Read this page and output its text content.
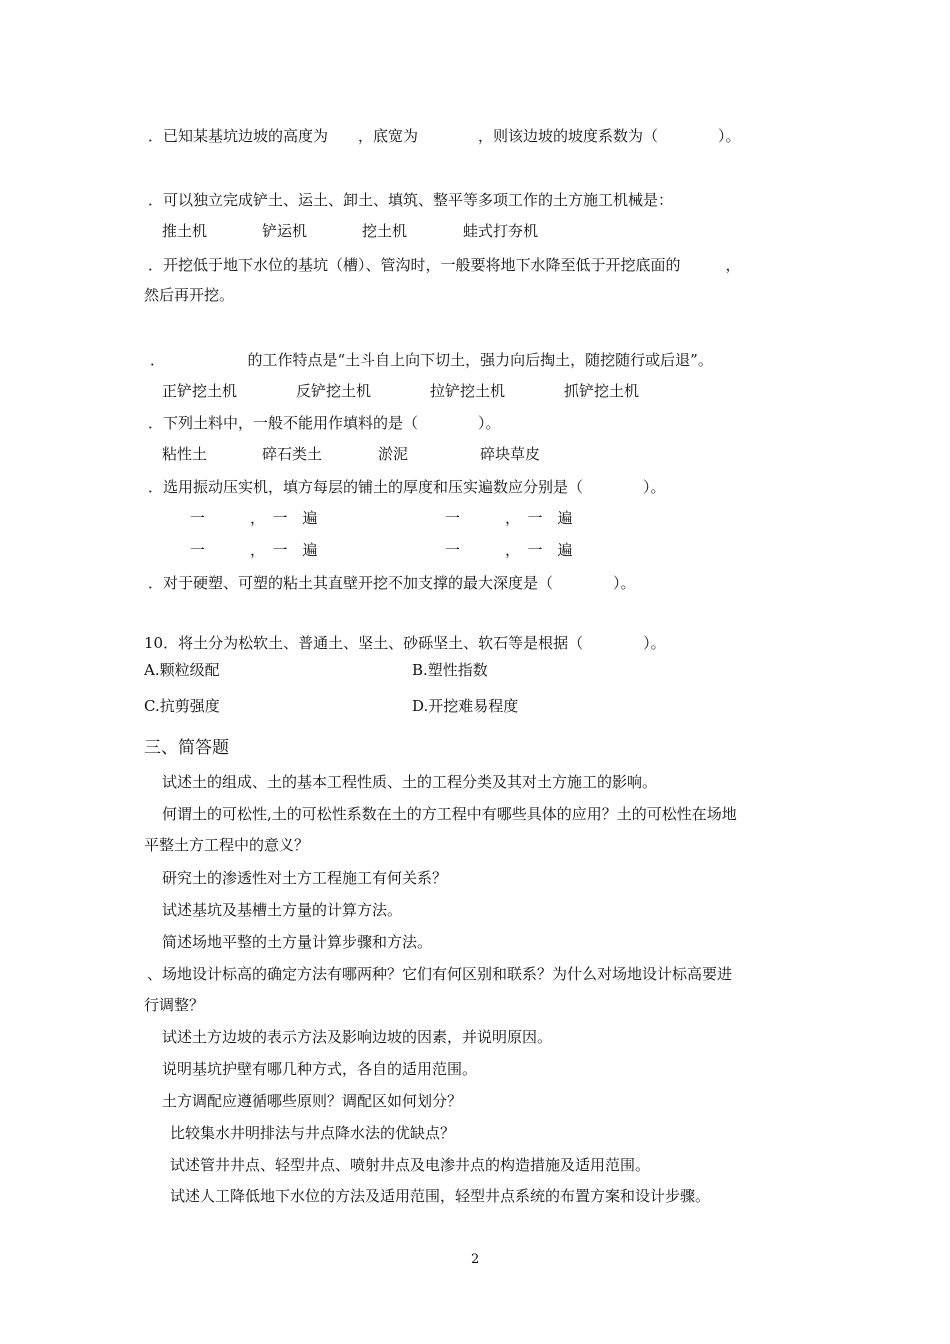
．已知某基坑边坡的高度为　　，底宽为　　　　，则该边坡的坡度系数为（　　　　）。
．可以独立完成铲土、运土、卸土、填筑、整平等多项工作的土方施工机械是：
推土机	铲运机	挖土机	蛙式打夯机
．开挖低于地下水位的基坑（槽）、管沟时，一般要将地下水降至低于开挖底面的　　　，
然后再开挖。
．　　　　　　的工作特点是“土斗自上向下切土，强力向后掏土，随挖随行或后退”。
正铲挖土机	反铲挖土机	拉铲挖土机	抓铲挖土机
．下列土料中，一般不能用作填料的是（　　　　）。
粘性土	碎石类土	淤泥	碎块草皮
．选用振动压实机，填方每层的铺土的厚度和压实遍数应分别是（　　　　）。
一　　　，　一　遍	一　　　，　一　遍
一　　　，　一　遍	一　　　，　一　遍
．对于硬塑、可塑的粘土其直壁开挖不加支撑的最大深度是（　　　　）。
10．将土分为松软土、普通土、坚土、砂砾坚土、软石等是根据（　　　　）。
A.颗粒级配	B.塑性指数
C.抗剪强度	D.开挖难易程度
三、简答题
试述土的组成、土的基本工程性质、土的工程分类及其对土方施工的影响。
何谓土的可松性,土的可松性系数在土的方工程中有哪些具体的应用？土的可松性在场地
平整土方工程中的意义？
研究土的渗透性对土方工程施工有何关系？
试述基坑及基槽土方量的计算方法。
简述场地平整的土方量计算步骤和方法。
、场地设计标高的确定方法有哪两种？它们有何区别和联系？为什么对场地设计标高要进
行调整？
试述土方边坡的表示方法及影响边坡的因素，并说明原因。
说明基坑护壁有哪几种方式，各自的适用范围。
土方调配应遵循哪些原则？调配区如何划分？
比较集水井明排法与井点降水法的优缺点？
试述管井井点、轻型井点、喷射井点及电渗井点的构造措施及适用范围。
试述人工降低地下水位的方法及适用范围，轻型井点系统的布置方案和设计步骤。
2
